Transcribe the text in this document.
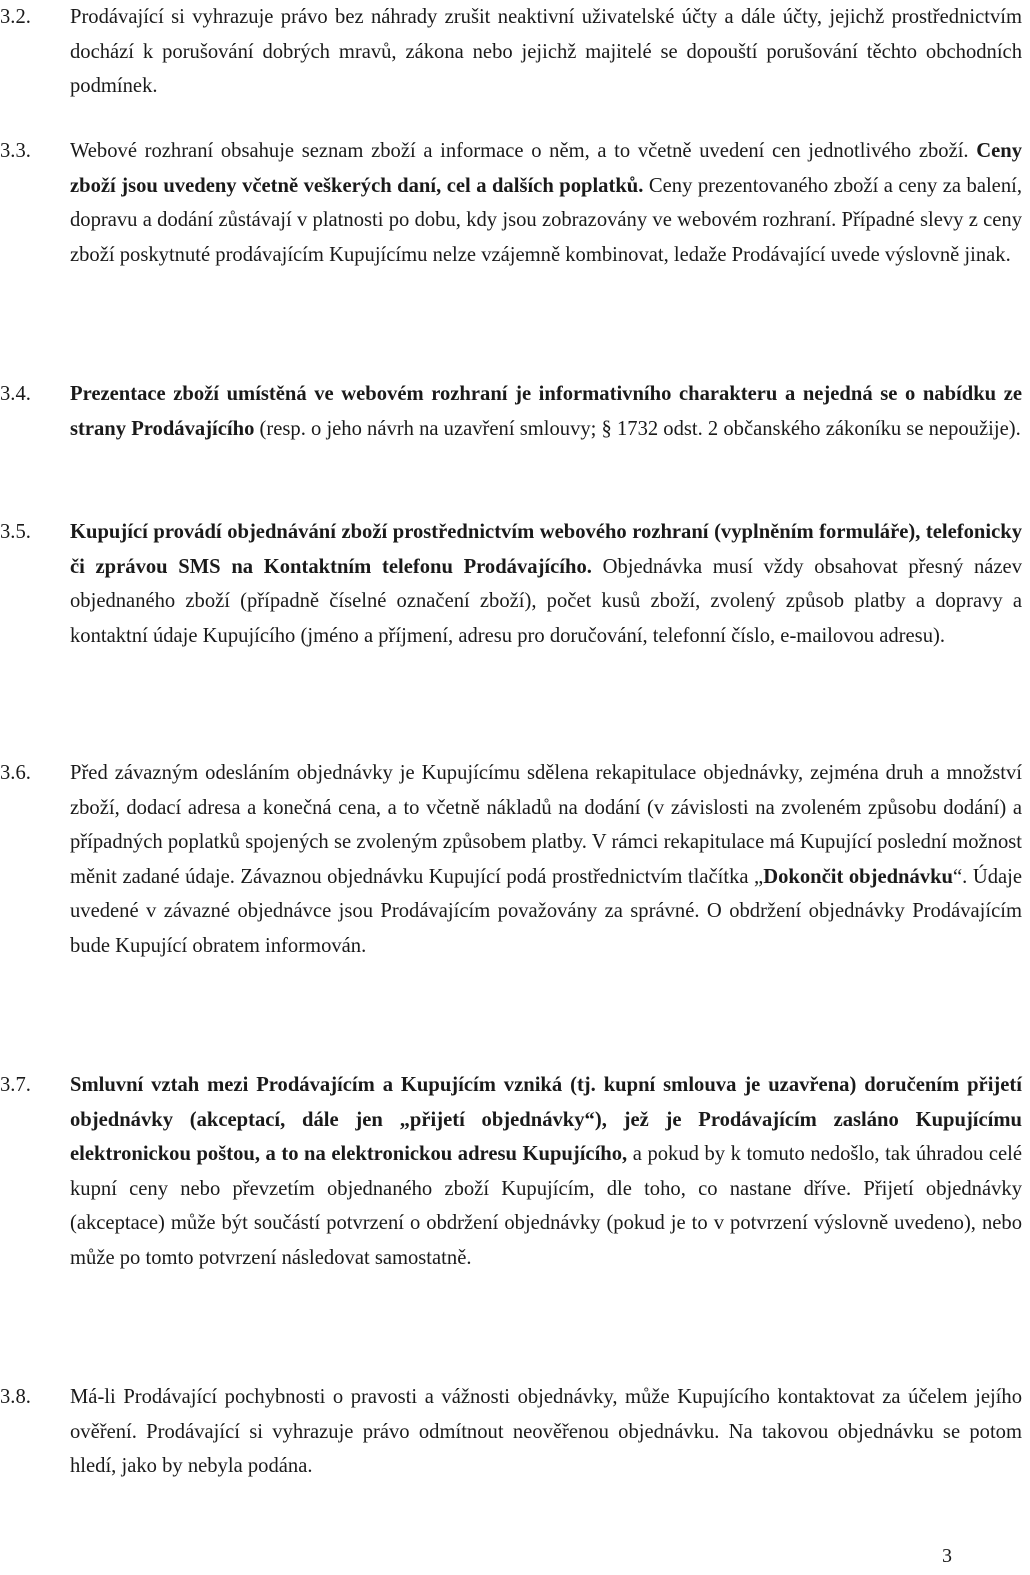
3.2.	Prodávající si vyhrazuje právo bez náhrady zrušit neaktivní uživatelské účty a dále účty, jejichž prostřednictvím dochází k porušování dobrých mravů, zákona nebo jejichž majitelé se dopouští porušování těchto obchodních podmínek.
3.3.	Webové rozhraní obsahuje seznam zboží a informace o něm, a to včetně uvedení cen jednotlivého zboží. Ceny zboží jsou uvedeny včetně veškerých daní, cel a dalších poplatků. Ceny prezentovaného zboží a ceny za balení, dopravu a dodání zůstávají v platnosti po dobu, kdy jsou zobrazovány ve webovém rozhraní. Případné slevy z ceny zboží poskytnuté prodávajícím Kupujícímu nelze vzájemně kombinovat, ledaže Prodávající uvede výslovně jinak.
3.4.	Prezentace zboží umístěná ve webovém rozhraní je informativního charakteru a nejedná se o nabídku ze strany Prodávajícího (resp. o jeho návrh na uzavření smlouvy; § 1732 odst. 2 občanského zákoníku se nepoužije).
3.5.	Kupující provádí objednávání zboží prostřednictvím webového rozhraní (vyplněním formuláře), telefonicky či zprávou SMS na Kontaktním telefonu Prodávajícího. Objednávka musí vždy obsahovat přesný název objednaného zboží (případně číselné označení zboží), počet kusů zboží, zvolený způsob platby a dopravy a kontaktní údaje Kupujícího (jméno a příjmení, adresu pro doručování, telefonní číslo, e-mailovou adresu).
3.6.	Před závazným odesláním objednávky je Kupujícímu sdělena rekapitulace objednávky, zejména druh a množství zboží, dodací adresa a konečná cena, a to včetně nákladů na dodání (v závislosti na zvoleném způsobu dodání) a případných poplatků spojených se zvoleným způsobem platby. V rámci rekapitulace má Kupující poslední možnost měnit zadané údaje. Závaznou objednávku Kupující podá prostřednictvím tlačítka „Dokončit objednávku“. Údaje uvedené v závazné objednávce jsou Prodávajícím považovány za správné. O obdržení objednávky Prodávajícím bude Kupující obratem informován.
3.7.	Smluvní vztah mezi Prodávajícím a Kupujícím vzniká (tj. kupní smlouva je uzavřena) doručením přijetí objednávky (akceptací, dále jen „přijetí objednávky“), jež je Prodávajícím zasláno Kupujícímu elektronickou poštou, a to na elektronickou adresu Kupujícího, a pokud by k tomuto nedošlo, tak úhradou celé kupní ceny nebo převzetím objednaného zboží Kupujícím, dle toho, co nastane dříve. Přijetí objednávky (akceptace) může být součástí potvrzení o obdržení objednávky (pokud je to v potvrzení výslovně uvedeno), nebo může po tomto potvrzení následovat samostatně.
3.8.	Má-li Prodávající pochybnosti o pravosti a vážnosti objednávky, může Kupujícího kontaktovat za účelem jejího ověření. Prodávající si vyhrazuje právo odmítnout neověřenou objednávku. Na takovou objednávku se potom hledí, jako by nebyla podána.
3
